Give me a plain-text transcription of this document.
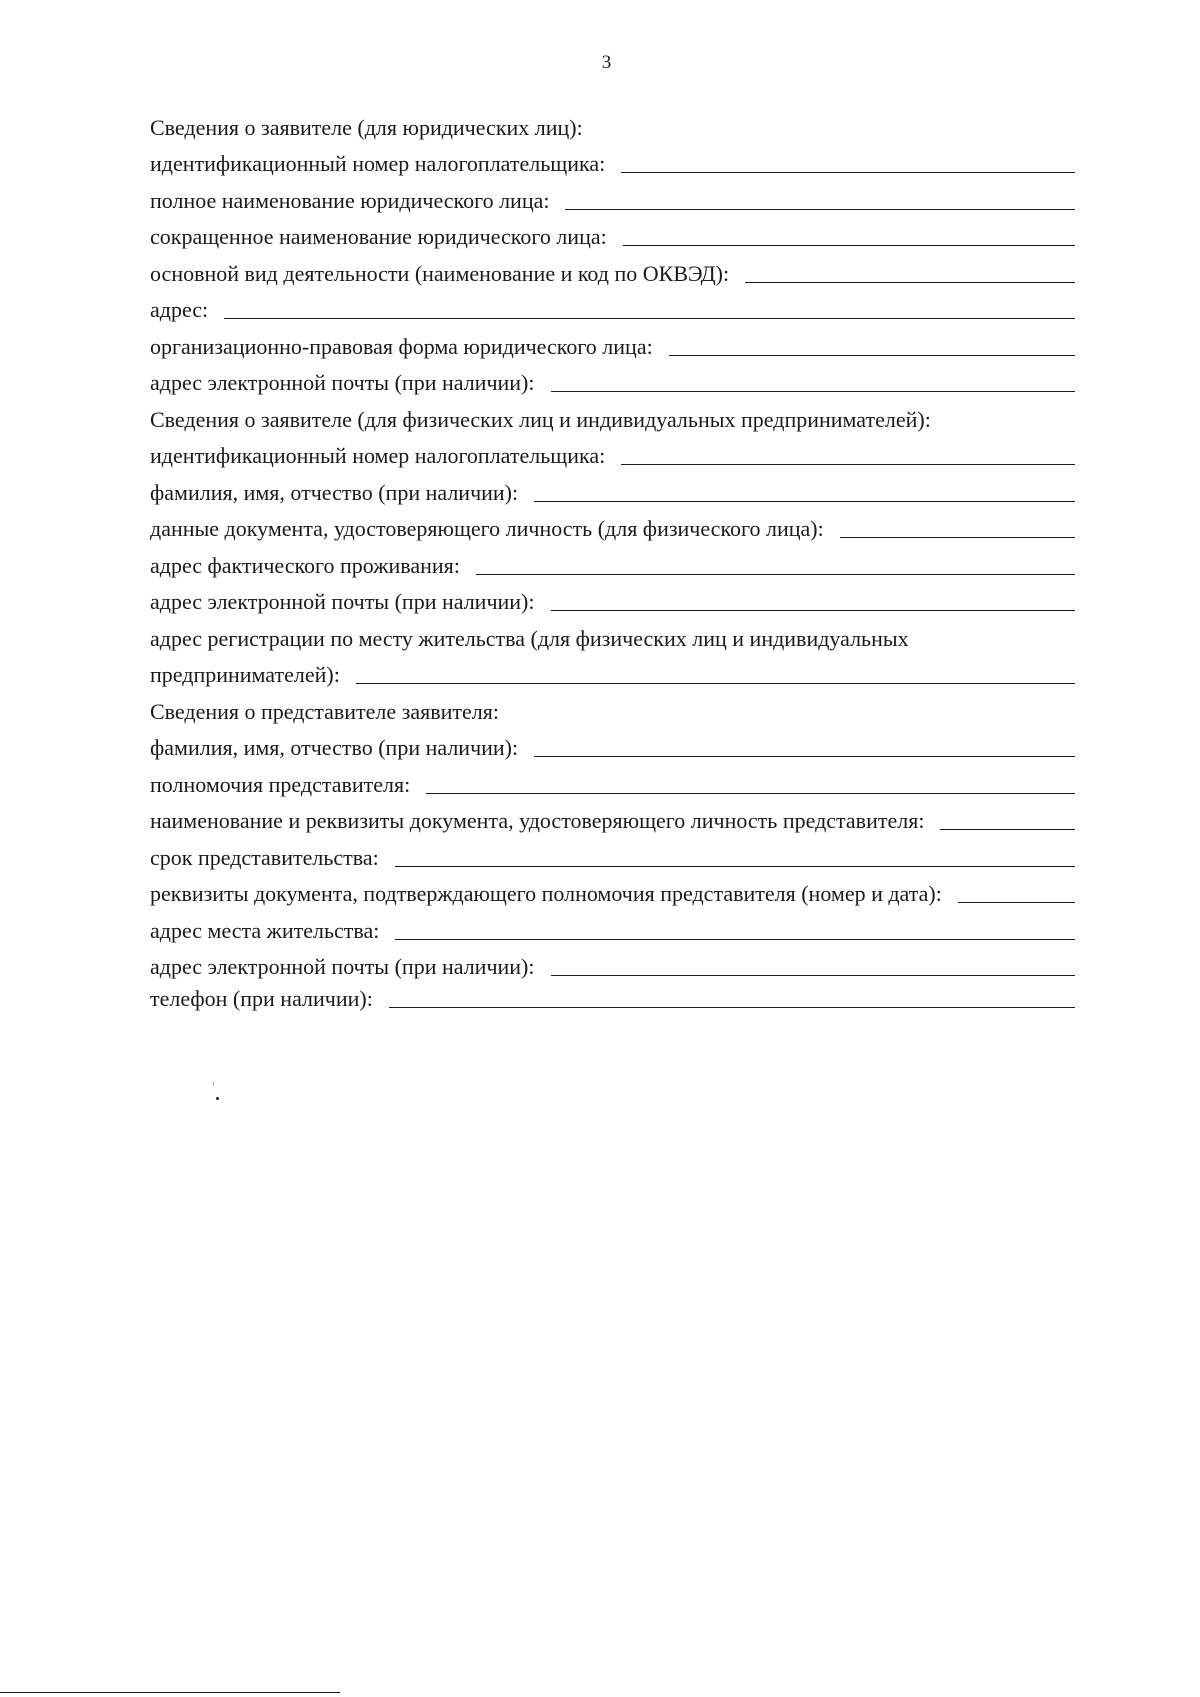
3
Сведения о заявителе (для юридических лиц):
идентификационный номер налогоплательщика:
полное наименование юридического лица:
сокращенное наименование юридического лица:
основной вид деятельности (наименование и код по ОКВЭД):
адрес:
организационно-правовая форма юридического лица:
адрес электронной почты (при наличии):
Сведения о заявителе (для физических лиц и индивидуальных предпринимателей):
идентификационный номер налогоплательщика:
фамилия, имя, отчество (при наличии):
данные документа, удостоверяющего личность (для физического лица):
адрес фактического проживания:
адрес электронной почты (при наличии):
адрес регистрации по месту жительства (для физических лиц и индивидуальных
предпринимателей):
Сведения о представителе заявителя:
фамилия, имя, отчество (при наличии):
полномочия представителя:
наименование и реквизиты документа, удостоверяющего личность представителя:
срок представительства:
реквизиты документа, подтверждающего полномочия представителя (номер и дата):
адрес места жительства:
адрес электронной почты (при наличии):
телефон (при наличии):
